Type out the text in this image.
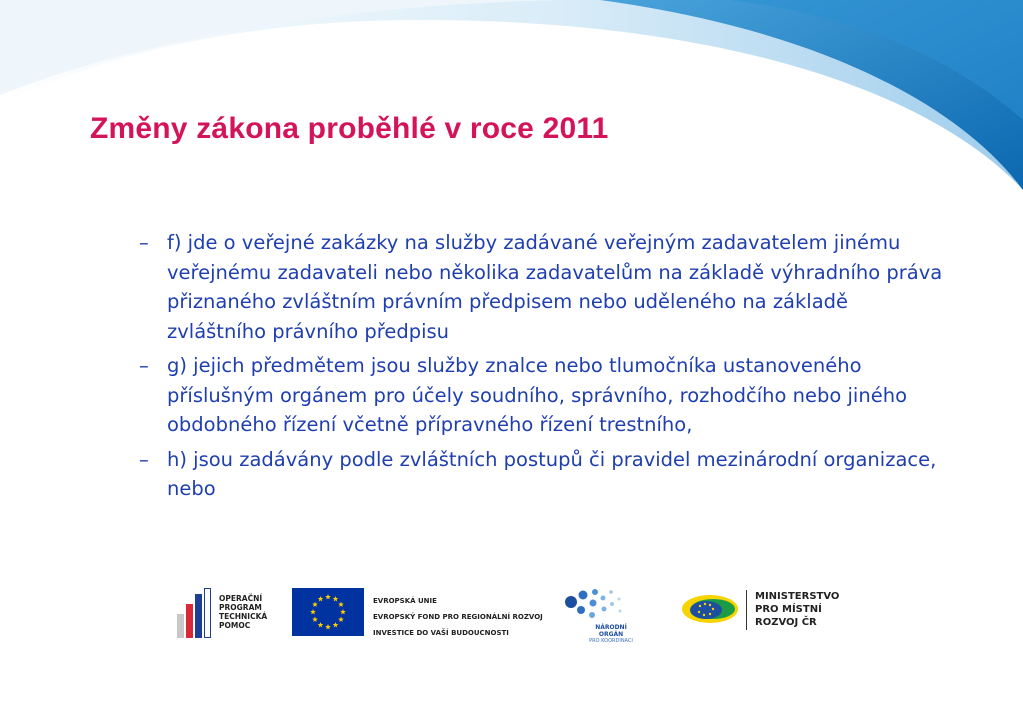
Změny zákona proběhlé v roce 2011
– f) jde o veřejné zakázky na služby zadávané veřejným zadavatelem jinému veřejnému zadavateli nebo několika zadavatelům na základě výhradního práva přiznaného zvláštním právním předpisem nebo uděleného na základě zvláštního právního předpisu
– g) jejich předmětem jsou služby znalce nebo tlumočníka ustanoveného příslušným orgánem pro účely soudního, správního, rozhodčího nebo jiného obdobného řízení včetně přípravného řízení trestního,
– h) jsou zadávány podle zvláštních postupů či pravidel mezinárodní organizace, nebo
OPERAČNÍ
PROGRAM
TECHNICKÁ
POMOC
EVROPSKÁ UNIE
EVROPSKÝ FOND PRO REGIONÁLNÍ ROZVOJ
INVESTICE DO VAŠÍ BUDOUCNOSTI
NÁRODNÍ ORGÁN
PRO KOORDINACI
MINISTERSTVO
PRO MÍSTNÍ
ROZVOJ ČR
